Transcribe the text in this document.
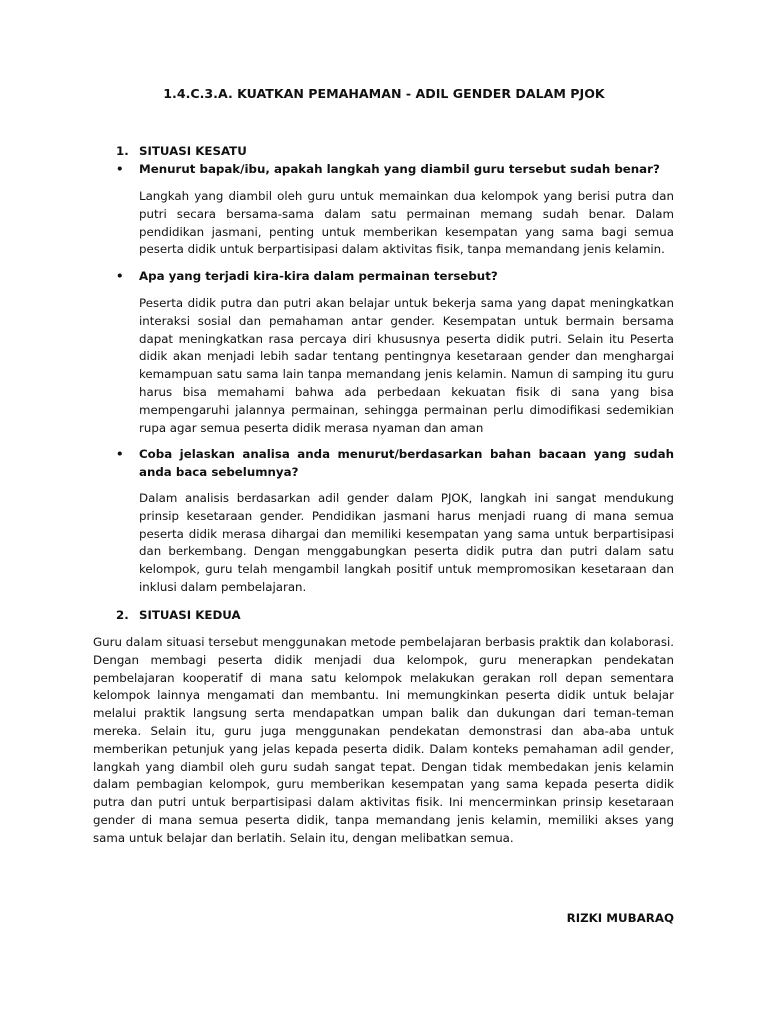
1.4.C.3.A. KUATKAN PEMAHAMAN - ADIL GENDER DALAM PJOK
1. SITUASI KESATU
•	Menurut bapak/ibu, apakah langkah yang diambil guru tersebut sudah benar?
Langkah yang diambil oleh guru untuk memainkan dua kelompok yang berisi putra dan putri secara bersama-sama dalam satu permainan memang sudah benar. Dalam pendidikan jasmani, penting untuk memberikan kesempatan yang sama bagi semua peserta didik untuk berpartisipasi dalam aktivitas fisik, tanpa memandang jenis kelamin.
•	Apa yang terjadi kira-kira dalam permainan tersebut?
Peserta didik putra dan putri akan belajar untuk bekerja sama yang dapat meningkatkan interaksi sosial dan pemahaman antar gender. Kesempatan untuk bermain bersama dapat meningkatkan rasa percaya diri khususnya peserta didik putri. Selain itu Peserta didik akan menjadi lebih sadar tentang pentingnya kesetaraan gender dan menghargai kemampuan satu sama lain tanpa memandang jenis kelamin. Namun di samping itu guru harus bisa memahami bahwa ada perbedaan kekuatan fisik di sana yang bisa mempengaruhi jalannya permainan, sehingga permainan perlu dimodifikasi sedemikian rupa agar semua peserta didik merasa nyaman dan aman
•	Coba jelaskan analisa anda menurut/berdasarkan bahan bacaan yang sudah anda baca sebelumnya?
Dalam analisis berdasarkan adil gender dalam PJOK, langkah ini sangat mendukung prinsip kesetaraan gender. Pendidikan jasmani harus menjadi ruang di mana semua peserta didik merasa dihargai dan memiliki kesempatan yang sama untuk berpartisipasi dan berkembang. Dengan menggabungkan peserta didik putra dan putri dalam satu kelompok, guru telah mengambil langkah positif untuk mempromosikan kesetaraan dan inklusi dalam pembelajaran.
2. SITUASI KEDUA
Guru dalam situasi tersebut menggunakan metode pembelajaran berbasis praktik dan kolaborasi. Dengan membagi peserta didik menjadi dua kelompok, guru menerapkan pendekatan pembelajaran kooperatif di mana satu kelompok melakukan gerakan roll depan sementara kelompok lainnya mengamati dan membantu. Ini memungkinkan peserta didik untuk belajar melalui praktik langsung serta mendapatkan umpan balik dan dukungan dari teman-teman mereka. Selain itu, guru juga menggunakan pendekatan demonstrasi dan aba-aba untuk memberikan petunjuk yang jelas kepada peserta didik. Dalam konteks pemahaman adil gender, langkah yang diambil oleh guru sudah sangat tepat. Dengan tidak membedakan jenis kelamin dalam pembagian kelompok, guru memberikan kesempatan yang sama kepada peserta didik putra dan putri untuk berpartisipasi dalam aktivitas fisik. Ini mencerminkan prinsip kesetaraan gender di mana semua peserta didik, tanpa memandang jenis kelamin, memiliki akses yang sama untuk belajar dan berlatih. Selain itu, dengan melibatkan semua.
RIZKI MUBARAQ
